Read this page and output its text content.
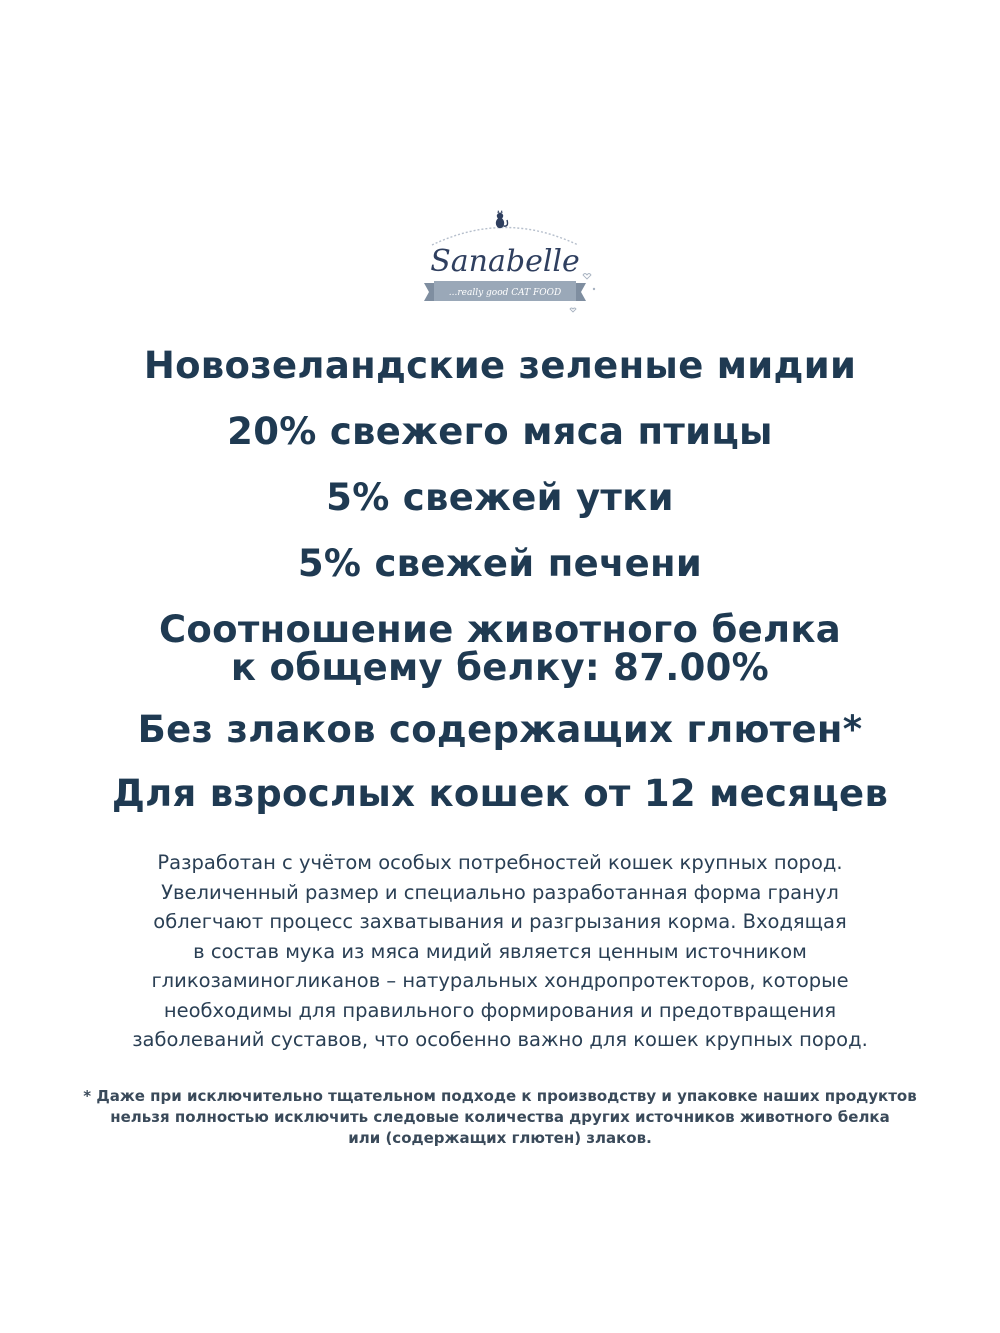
Sanabelle
...really good CAT FOOD

Новозеландские зеленые мидии

20% свежего мяса птицы

5% свежей утки

5% свежей печени

Соотношение животного белка

к общему белку: 87.00%

Без злаков содержащих глютен*

Для взрослых кошек от 12 месяцев

Разработан с учётом особых потребностей кошек крупных пород.

Увеличенный размер и специально разработанная форма гранул

облегчают процесс захватывания и разгрызания корма. Входящая

в состав мука из мяса мидий является ценным источником

гликозаминогликанов – натуральных хондропротекторов, которые

необходимы для правильного формирования и предотвращения

заболеваний суставов, что особенно важно для кошек крупных пород.

* Даже при исключительно тщательном подходе к производству и упаковке наших продуктов

нельзя полностью исключить следовые количества других источников животного белка

или (содержащих глютен) злаков.
